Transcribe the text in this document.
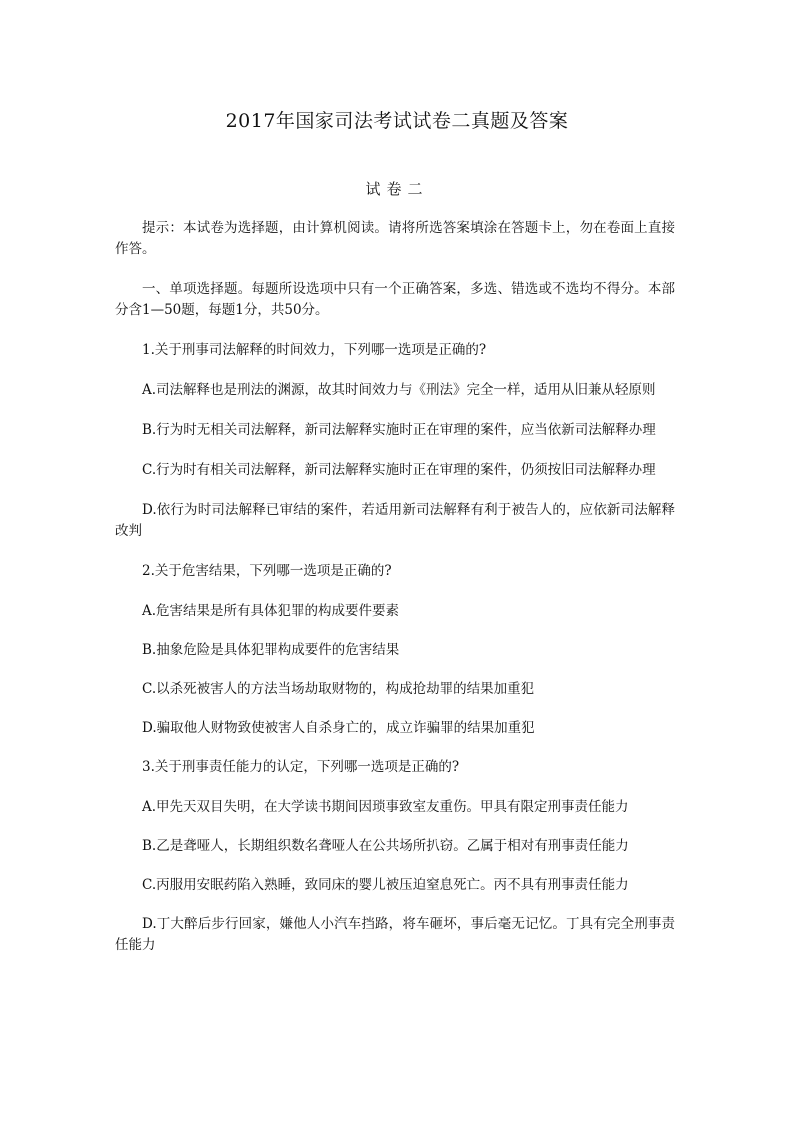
2017年国家司法考试试卷二真题及答案
试卷二

提示：本试卷为选择题，由计算机阅读。请将所选答案填涂在答题卡上，勿在卷面上直接作答。

一、单项选择题。每题所设选项中只有一个正确答案，多选、错选或不选均不得分。本部分含1—50题，每题1分，共50分。

1.关于刑事司法解释的时间效力，下列哪一选项是正确的?

A.司法解释也是刑法的渊源，故其时间效力与《刑法》完全一样，适用从旧兼从轻原则

B.行为时无相关司法解释，新司法解释实施时正在审理的案件，应当依新司法解释办理

C.行为时有相关司法解释，新司法解释实施时正在审理的案件，仍须按旧司法解释办理

D.依行为时司法解释已审结的案件，若适用新司法解释有利于被告人的，应依新司法解释改判

2.关于危害结果，下列哪一选项是正确的?

A.危害结果是所有具体犯罪的构成要件要素

B.抽象危险是具体犯罪构成要件的危害结果

C.以杀死被害人的方法当场劫取财物的，构成抢劫罪的结果加重犯

D.骗取他人财物致使被害人自杀身亡的，成立诈骗罪的结果加重犯

3.关于刑事责任能力的认定，下列哪一选项是正确的?

A.甲先天双目失明，在大学读书期间因琐事致室友重伤。甲具有限定刑事责任能力

B.乙是聋哑人，长期组织数名聋哑人在公共场所扒窃。乙属于相对有刑事责任能力

C.丙服用安眠药陷入熟睡，致同床的婴儿被压迫窒息死亡。丙不具有刑事责任能力

D.丁大醉后步行回家，嫌他人小汽车挡路，将车砸坏，事后毫无记忆。丁具有完全刑事责任能力
